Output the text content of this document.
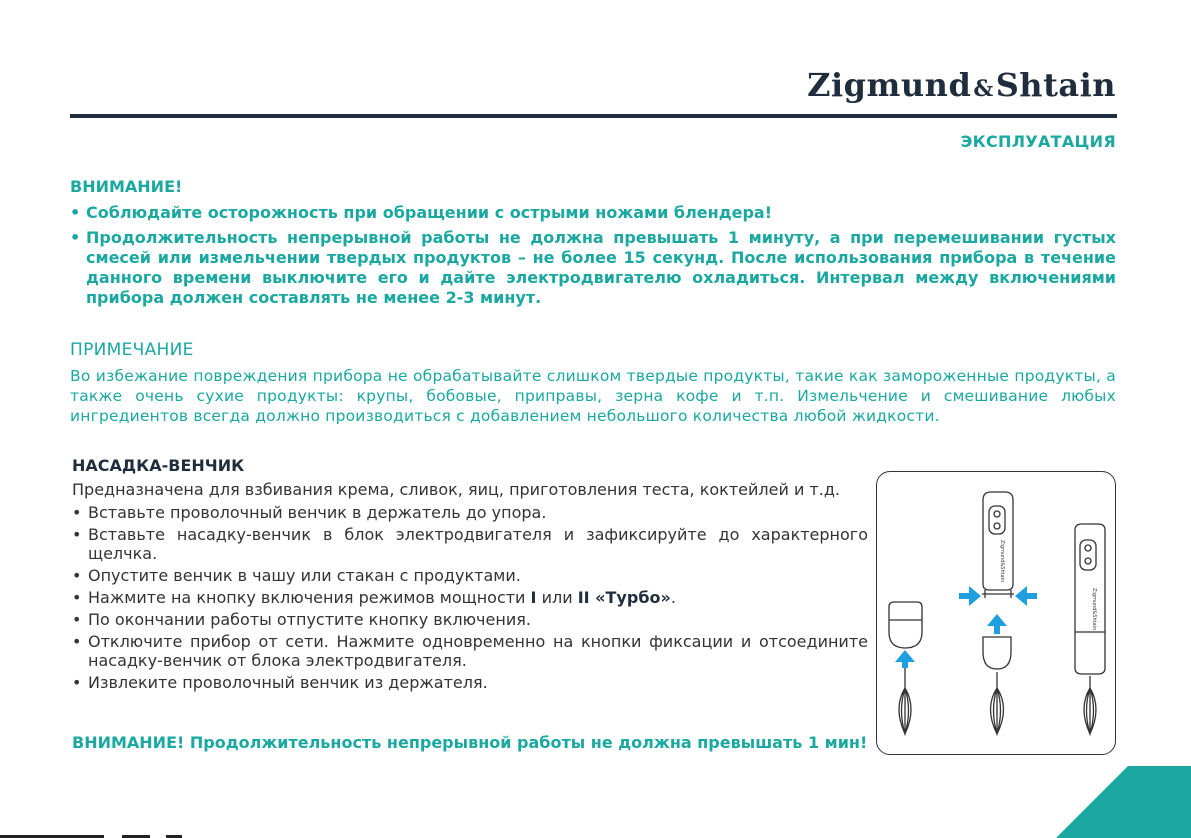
Zigmund&Shtain
ЭКСПЛУАТАЦИЯ
ВНИМАНИЕ!
• Соблюдайте осторожность при обращении с острыми ножами блендера!
• Продолжительность непрерывной работы не должна превышать 1 минуту, а при перемешивании густых смесей или измельчении твердых продуктов – не более 15 секунд. После использования прибора в течение данного времени выключите его и дайте электродвигателю охладиться. Интервал между включениями прибора должен составлять не менее 2-3 минут.
ПРИМЕЧАНИЕ
Во избежание повреждения прибора не обрабатывайте слишком твердые продукты, такие как замороженные продукты, а также очень сухие продукты: крупы, бобовые, приправы, зерна кофе и т.п. Измельчение и смешивание любых ингредиентов всегда должно производиться с добавлением небольшого количества любой жидкости.
НАСАДКА-ВЕНЧИК
Предназначена для взбивания крема, сливок, яиц, приготовления теста, коктейлей и т.д.
• Вставьте проволочный венчик в держатель до упора.
• Вставьте насадку-венчик в блок электродвигателя и зафиксируйте до характерного щелчка.
• Опустите венчик в чашу или стакан с продуктами.
• Нажмите на кнопку включения режимов мощности I или II «Турбо».
• По окончании работы отпустите кнопку включения.
• Отключите прибор от сети. Нажмите одновременно на кнопки фиксации и отсоедините насадку-венчик от блока электродвигателя.
• Извлеките проволочный венчик из держателя.
ВНИМАНИЕ! Продолжительность непрерывной работы не должна превышать 1 мин!
Zigmund&Shtain
Zigmund&Shtain
